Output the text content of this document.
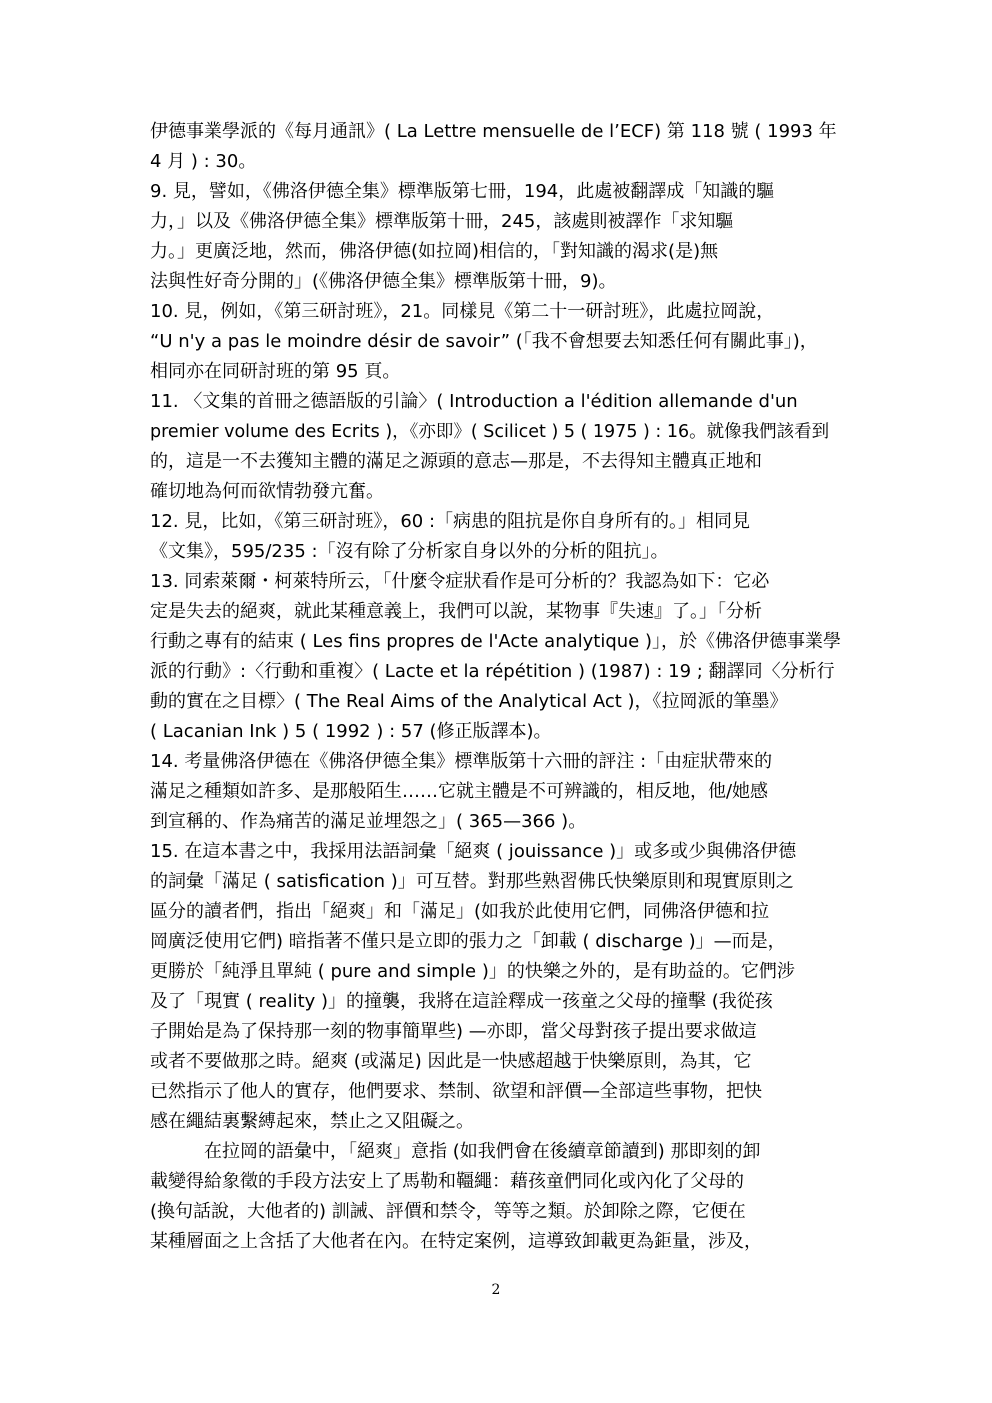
伊德事業學派的《每月通訊》( La Lettre mensuelle de l’ECF) 第 118 號 ( 1993 年
4 月 ) : 30。
9. 見，譬如，《佛洛伊德全集》標準版第七冊，194，此處被翻譯成「知識的驅
力，」以及《佛洛伊德全集》標準版第十冊，245，該處則被譯作「求知驅
力。」更廣泛地，然而，佛洛伊德(如拉岡)相信的，「對知識的渴求(是)無
法與性好奇分開的」(《佛洛伊德全集》標準版第十冊，9)。
10. 見，例如，《第三研討班》，21。同樣見《第二十一研討班》，此處拉岡說，
“U n'y a pas le moindre désir de savoir” (「我不會想要去知悉任何有關此事」)，
相同亦在同研討班的第 95 頁。
11. 〈文集的首冊之德語版的引論〉( Introduction a l'édition allemande d'un
premier volume des Ecrits )，《亦即》( Scilicet ) 5 ( 1975 ) : 16。就像我們該看到
的，這是一不去獲知主體的滿足之源頭的意志—那是，不去得知主體真正地和
確切地為何而欲情勃發亢奮。
12. 見，比如，《第三研討班》，60 :「病患的阻抗是你自身所有的。」相同見
《文集》，595/235 :「沒有除了分析家自身以外的分析的阻抗」。
13. 同索萊爾・柯萊特所云，「什麼令症狀看作是可分析的？我認為如下：它必
定是失去的絕爽，就此某種意義上，我們可以說，某物事『失速』了。」「分析
行動之專有的結束 ( Les fins propres de l'Acte analytique )」，於《佛洛伊德事業學
派的行動》:〈行動和重複〉( Lacte et la répétition ) (1987) : 19 ; 翻譯同〈分析行
動的實在之目標〉( The Real Aims of the Analytical Act )，《拉岡派的筆墨》
( Lacanian Ink ) 5 ( 1992 ) : 57 (修正版譯本)。
14. 考量佛洛伊德在《佛洛伊德全集》標準版第十六冊的評注 :「由症狀帶來的
滿足之種類如許多、是那般陌生……它就主體是不可辨識的，相反地，他/她感
到宣稱的、作為痛苦的滿足並埋怨之」( 365—366 )。
15. 在這本書之中，我採用法語詞彙「絕爽 ( jouissance )」或多或少與佛洛伊德
的詞彙「滿足 ( satisfication )」可互替。對那些熟習佛氏快樂原則和現實原則之
區分的讀者們，指出「絕爽」和「滿足」(如我於此使用它們，同佛洛伊德和拉
岡廣泛使用它們) 暗指著不僅只是立即的張力之「卸載 ( discharge )」—而是，
更勝於「純淨且單純 ( pure and simple )」的快樂之外的，是有助益的。它們涉
及了「現實 ( reality )」的撞襲，我將在這詮釋成一孩童之父母的撞擊 (我從孩
子開始是為了保持那一刻的物事簡單些) —亦即，當父母對孩子提出要求做這
或者不要做那之時。絕爽 (或滿足) 因此是一快感超越于快樂原則，為其，它
已然指示了他人的實存，他們要求、禁制、欲望和評價—全部這些事物，把快
感在繩結裏繫縛起來，禁止之又阻礙之。
　　　在拉岡的語彙中，「絕爽」意指 (如我們會在後續章節讀到) 那即刻的卸
載變得給象徵的手段方法安上了馬勒和韁繩：藉孩童們同化或內化了父母的
(換句話說，大他者的) 訓誡、評價和禁令，等等之類。於卸除之際，它便在
某種層面之上含括了大他者在內。在特定案例，這導致卸載更為鉅量，涉及，
2
